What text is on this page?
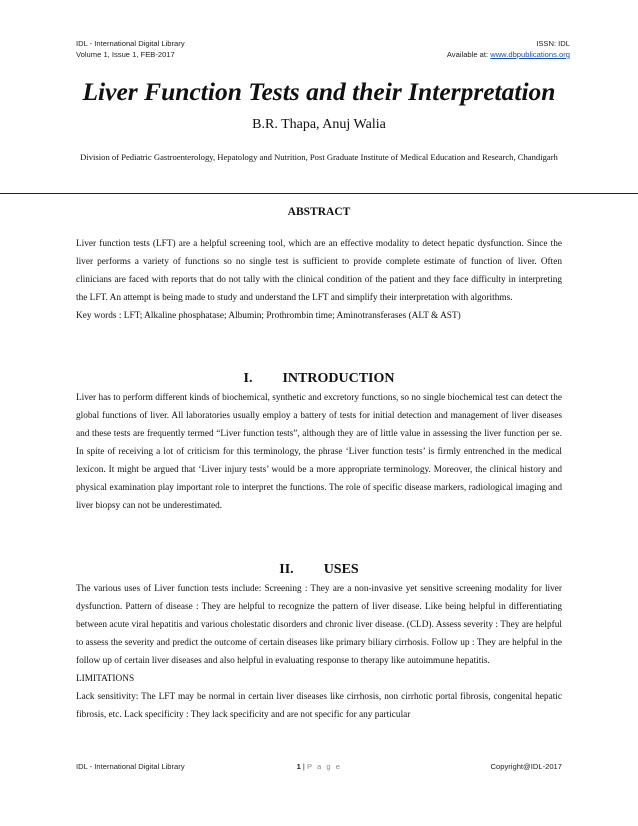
IDL - International Digital Library
Volume 1, Issue 1, FEB-2017
ISSN: IDL
Available at: www.dbpublications.org
Liver Function Tests and their Interpretation
B.R. Thapa, Anuj Walia
Division of Pediatric Gastroenterology, Hepatology and Nutrition, Post Graduate Institute of Medical Education and Research, Chandigarh
ABSTRACT

Liver function tests (LFT) are a helpful screening tool, which are an effective modality to detect hepatic dysfunction. Since the liver performs a variety of functions so no single test is sufficient to provide complete estimate of function of liver. Often clinicians are faced with reports that do not tally with the clinical condition of the patient and they face difficulty in interpreting the LFT. An attempt is being made to study and understand the LFT and simplify their interpretation with algorithms.

Key words : LFT; Alkaline phosphatase; Albumin; Prothrombin time; Aminotransferases (ALT & AST)

I. INTRODUCTION

Liver has to perform different kinds of biochemical, synthetic and excretory functions, so no single biochemical test can detect the global functions of liver. All laboratories usually employ a battery of tests for initial detection and management of liver diseases and these tests are frequently termed “Liver function tests”, although they are of little value in assessing the liver function per se. In spite of receiving a lot of criticism for this terminology, the phrase ‘Liver function tests’ is firmly entrenched in the medical lexicon. It might be argued that ‘Liver injury tests’ would be a more appropriate terminology. Moreover, the clinical history and physical examination play important role to interpret the functions. The role of specific disease markers, radiological imaging and liver biopsy can not be underestimated.

II. USES

The various uses of Liver function tests include: Screening : They are a non-invasive yet sensitive screening modality for liver dysfunction. Pattern of disease : They are helpful to recognize the pattern of liver disease. Like being helpful in differentiating between acute viral hepatitis and various cholestatic disorders and chronic liver disease. (CLD). Assess severity : They are helpful to assess the severity and predict the outcome of certain diseases like primary biliary cirrhosis. Follow up : They are helpful in the follow up of certain liver diseases and also helpful in evaluating response to therapy like autoimmune hepatitis.

LIMITATIONS

Lack sensitivity: The LFT may be normal in certain liver diseases like cirrhosis, non cirrhotic portal fibrosis, congenital hepatic fibrosis, etc. Lack specificity : They lack specificity and are not specific for any particular

IDL - International Digital Library	1 | P a g e	Copyright@IDL-2017
